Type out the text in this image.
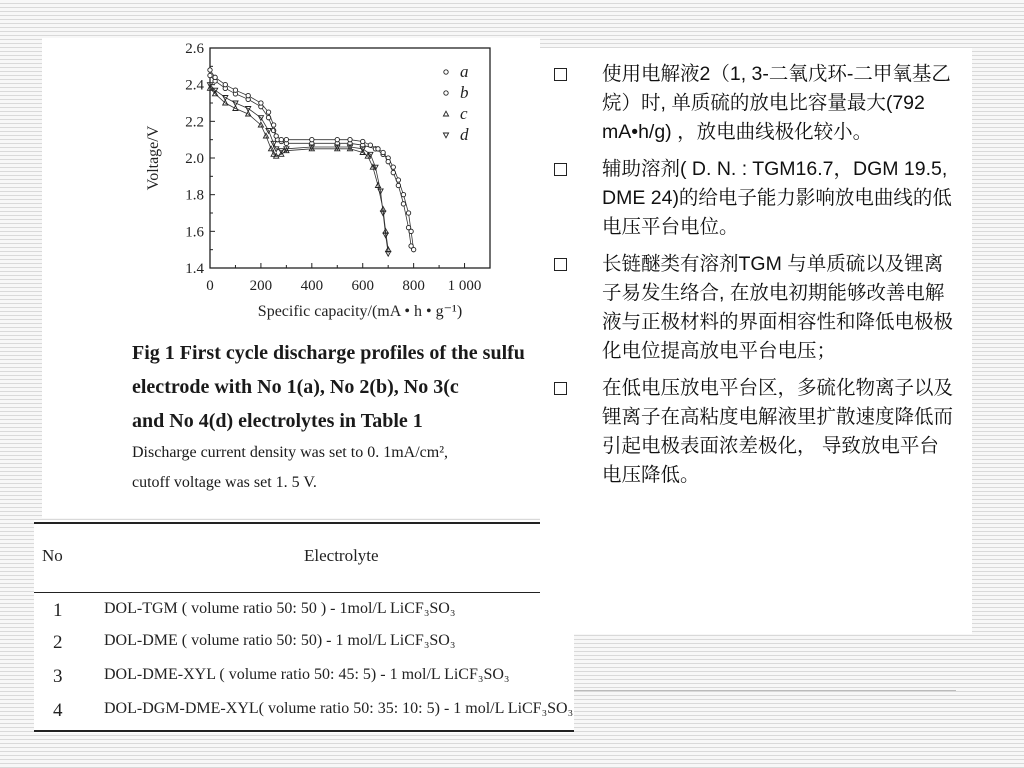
0 200 400 600 800 1 000
2.6
2.4
2.2
2.0
1.8
1.6
1.4
Voltage/V
Specific capacity/(mA • h • g⁻¹)
a
b
c
d
Fig 1 First cycle discharge profiles of the sulfu
electrode with No 1(a), No 2(b), No 3(c
and No 4(d) electrolytes in Table 1
Discharge current density was set to 0. 1mA/cm²,
cutoff voltage was set 1. 5 V.
No	Electrolyte
1	DOL-TGM ( volume ratio 50: 50 ) - 1mol/L LiCF₃SO₃
2	DOL-DME ( volume ratio 50: 50) - 1 mol/L LiCF₃SO₃
3	DOL-DME-XYL ( volume ratio 50: 45: 5) - 1 mol/L LiCF₃SO₃
4	DOL-DGM-DME-XYL( volume ratio 50: 35: 10: 5) - 1 mol/L LiCF₃SO₃
使用电解液2（1, 3-二氧戊环-二甲氧基乙烷）时, 单质硫的放电比容量最大(792 mA•h/g) ，放电曲线极化较小。
辅助溶剂( D. N. : TGM16.7，DGM 19.5, DME 24)的给电子能力影响放电曲线的低电压平台电位。
长链醚类有溶剂TGM 与单质硫以及锂离子易发生络合, 在放电初期能够改善电解液与正极材料的界面相容性和降低电极极化电位提高放电平台电压；
在低电压放电平台区，多硫化物离子以及锂离子在高粘度电解液里扩散速度降低而引起电极表面浓差极化， 导致放电平台电压降低。
